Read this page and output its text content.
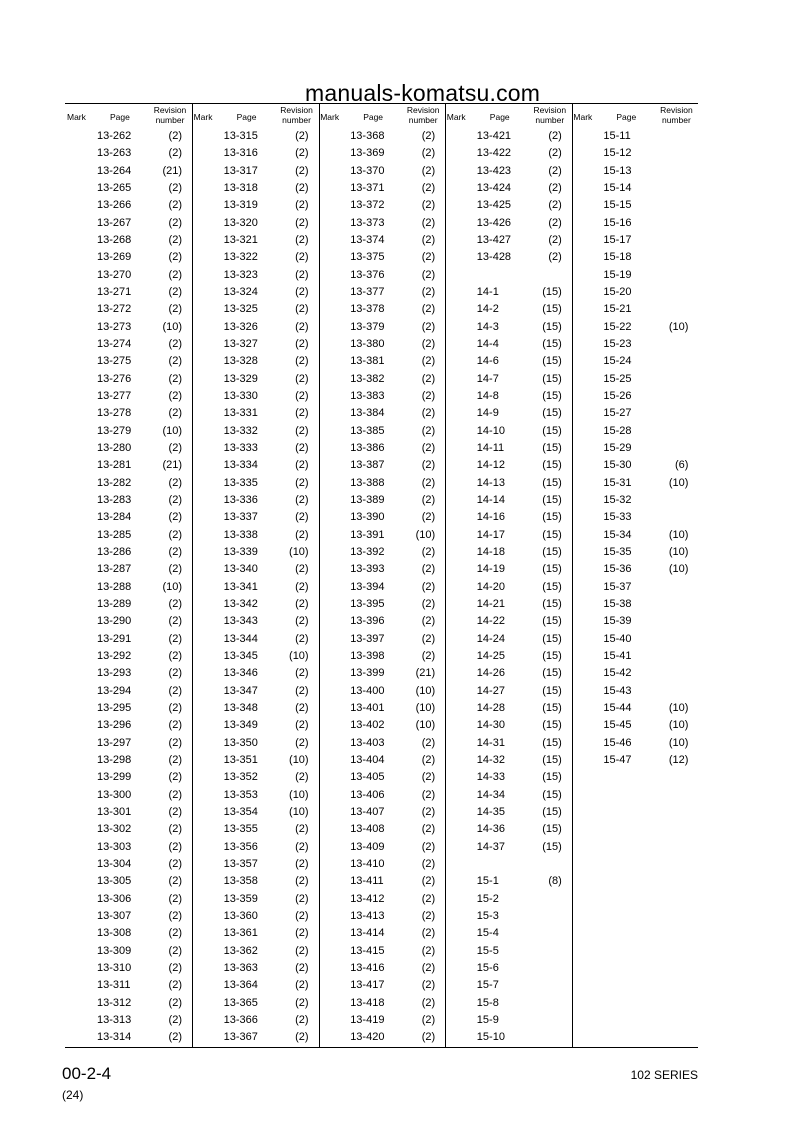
manuals-komatsu.com
Mark	Page
Revision
number
13-262	(2)
13-263	(2)
13-264	(21)
13-265	(2)
13-266	(2)
13-267	(2)
13-268	(2)
13-269	(2)
13-270	(2)
13-271	(2)
13-272	(2)
13-273	(10)
13-274	(2)
13-275	(2)
13-276	(2)
13-277	(2)
13-278	(2)
13-279	(10)
13-280	(2)
13-281	(21)
13-282	(2)
13-283	(2)
13-284	(2)
13-285	(2)
13-286	(2)
13-287	(2)
13-288	(10)
13-289	(2)
13-290	(2)
13-291	(2)
13-292	(2)
13-293	(2)
13-294	(2)
13-295	(2)
13-296	(2)
13-297	(2)
13-298	(2)
13-299	(2)
13-300	(2)
13-301	(2)
13-302	(2)
13-303	(2)
13-304	(2)
13-305	(2)
13-306	(2)
13-307	(2)
13-308	(2)
13-309	(2)
13-310	(2)
13-311	(2)
13-312	(2)
13-313	(2)
13-314	(2)
Mark	Page
Revision
number
13-315	(2)
13-316	(2)
13-317	(2)
13-318	(2)
13-319	(2)
13-320	(2)
13-321	(2)
13-322	(2)
13-323	(2)
13-324	(2)
13-325	(2)
13-326	(2)
13-327	(2)
13-328	(2)
13-329	(2)
13-330	(2)
13-331	(2)
13-332	(2)
13-333	(2)
13-334	(2)
13-335	(2)
13-336	(2)
13-337	(2)
13-338	(2)
13-339	(10)
13-340	(2)
13-341	(2)
13-342	(2)
13-343	(2)
13-344	(2)
13-345	(10)
13-346	(2)
13-347	(2)
13-348	(2)
13-349	(2)
13-350	(2)
13-351	(10)
13-352	(2)
13-353	(10)
13-354	(10)
13-355	(2)
13-356	(2)
13-357	(2)
13-358	(2)
13-359	(2)
13-360	(2)
13-361	(2)
13-362	(2)
13-363	(2)
13-364	(2)
13-365	(2)
13-366	(2)
13-367	(2)
Mark	Page
Revision
number
13-368	(2)
13-369	(2)
13-370	(2)
13-371	(2)
13-372	(2)
13-373	(2)
13-374	(2)
13-375	(2)
13-376	(2)
13-377	(2)
13-378	(2)
13-379	(2)
13-380	(2)
13-381	(2)
13-382	(2)
13-383	(2)
13-384	(2)
13-385	(2)
13-386	(2)
13-387	(2)
13-388	(2)
13-389	(2)
13-390	(2)
13-391	(10)
13-392	(2)
13-393	(2)
13-394	(2)
13-395	(2)
13-396	(2)
13-397	(2)
13-398	(2)
13-399	(21)
13-400	(10)
13-401	(10)
13-402	(10)
13-403	(2)
13-404	(2)
13-405	(2)
13-406	(2)
13-407	(2)
13-408	(2)
13-409	(2)
13-410	(2)
13-411	(2)
13-412	(2)
13-413	(2)
13-414	(2)
13-415	(2)
13-416	(2)
13-417	(2)
13-418	(2)
13-419	(2)
13-420	(2)
Mark	Page
Revision
number
13-421	(2)
13-422	(2)
13-423	(2)
13-424	(2)
13-425	(2)
13-426	(2)
13-427	(2)
13-428	(2)
14-1	(15)
14-2	(15)
14-3	(15)
14-4	(15)
14-6	(15)
14-7	(15)
14-8	(15)
14-9	(15)
14-10	(15)
14-11	(15)
14-12	(15)
14-13	(15)
14-14	(15)
14-16	(15)
14-17	(15)
14-18	(15)
14-19	(15)
14-20	(15)
14-21	(15)
14-22	(15)
14-24	(15)
14-25	(15)
14-26	(15)
14-27	(15)
14-28	(15)
14-30	(15)
14-31	(15)
14-32	(15)
14-33	(15)
14-34	(15)
14-35	(15)
14-36	(15)
14-37	(15)
15-1	(8)
15-2
15-3
15-4
15-5
15-6
15-7
15-8
15-9
15-10
Mark	Page
Revision
number
15-11
15-12
15-13
15-14
15-15
15-16
15-17
15-18
15-19
15-20
15-21
15-22	(10)
15-23
15-24
15-25
15-26
15-27
15-28
15-29
15-30	(6)
15-31	(10)
15-32
15-33
15-34	(10)
15-35	(10)
15-36	(10)
15-37
15-38
15-39
15-40
15-41
15-42
15-43
15-44	(10)
15-45	(10)
15-46	(10)
15-47	(12)
00-2-4
(24)
102 SERIES
